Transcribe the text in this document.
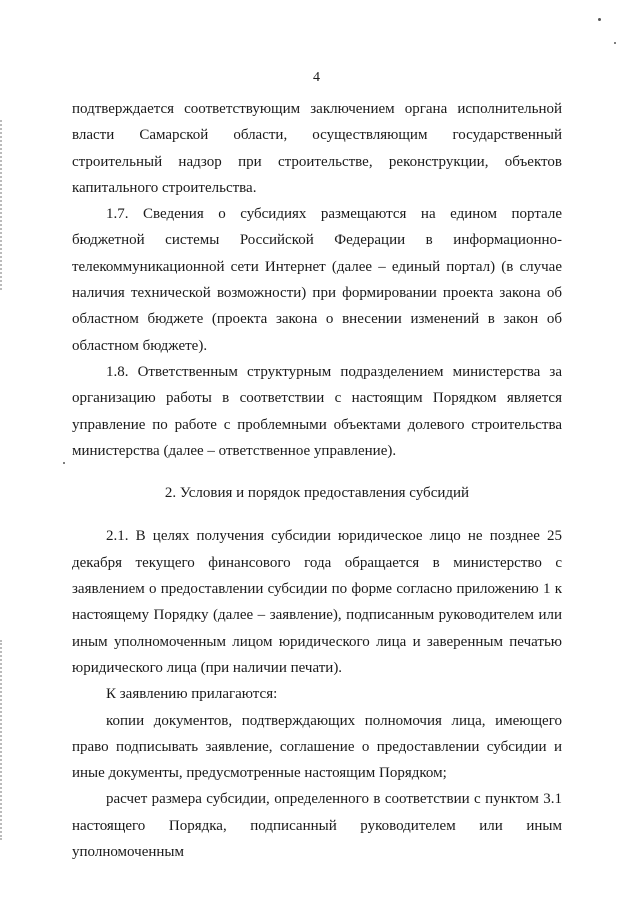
4

подтверждается соответствующим заключением органа исполнительной власти Самарской области, осуществляющим государственный строительный надзор при строительстве, реконструкции, объектов капитального строительства.

1.7. Сведения о субсидиях размещаются на едином портале бюджетной системы Российской Федерации в информационно-телекоммуникационной сети Интернет (далее – единый портал) (в случае наличия технической возможности) при формировании проекта закона об областном бюджете (проекта закона о внесении изменений в закон об областном бюджете).

1.8. Ответственным структурным подразделением министерства за организацию работы в соответствии с настоящим Порядком является управление по работе с проблемными объектами долевого строительства министерства (далее – ответственное управление).

2. Условия и порядок предоставления субсидий

2.1. В целях получения субсидии юридическое лицо не позднее 25 декабря текущего финансового года обращается в министерство с заявлением о предоставлении субсидии по форме согласно приложению 1 к настоящему Порядку (далее – заявление), подписанным руководителем или иным уполномоченным лицом юридического лица и заверенным печатью юридического лица (при наличии печати).

К заявлению прилагаются:

копии документов, подтверждающих полномочия лица, имеющего право подписывать заявление, соглашение о предоставлении субсидии и иные документы, предусмотренные настоящим Порядком;

расчет размера субсидии, определенного в соответствии с пунктом 3.1 настоящего Порядка, подписанный руководителем или иным уполномоченным
